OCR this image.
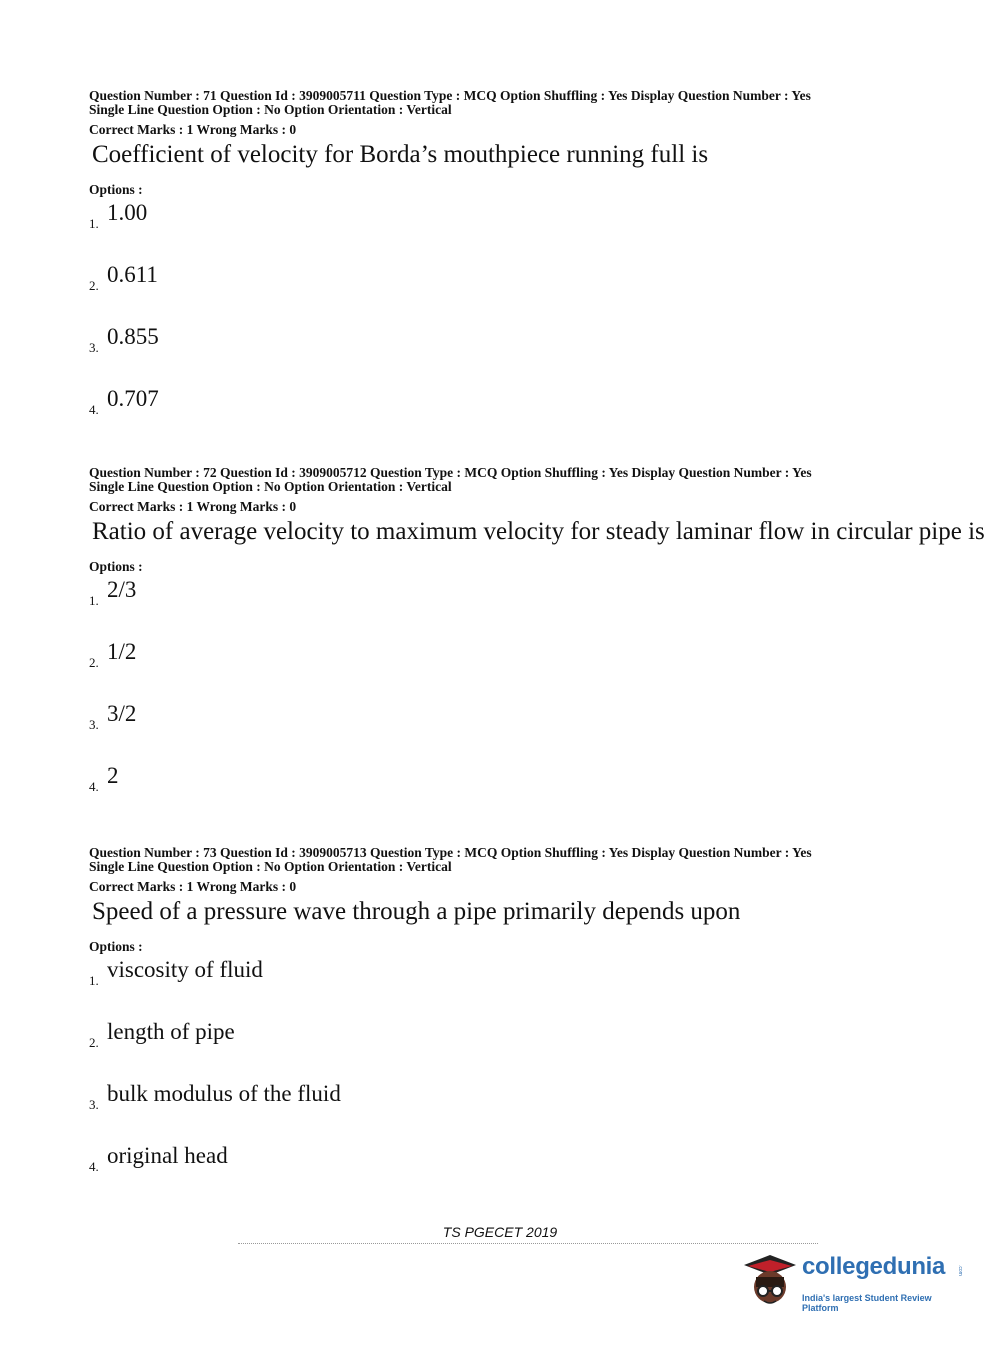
Question Number : 71 Question Id : 3909005711 Question Type : MCQ Option Shuffling : Yes Display Question Number : Yes
Single Line Question Option : No Option Orientation : Vertical
Correct Marks : 1 Wrong Marks : 0
Coefficient of velocity for Borda’s mouthpiece running full is
Options :
1. 1.00
2. 0.611
3. 0.855
4. 0.707
Question Number : 72 Question Id : 3909005712 Question Type : MCQ Option Shuffling : Yes Display Question Number : Yes
Single Line Question Option : No Option Orientation : Vertical
Correct Marks : 1 Wrong Marks : 0
Ratio of average velocity to maximum velocity for steady laminar flow in circular pipe is
Options :
1. 2/3
2. 1/2
3. 3/2
4. 2
Question Number : 73 Question Id : 3909005713 Question Type : MCQ Option Shuffling : Yes Display Question Number : Yes
Single Line Question Option : No Option Orientation : Vertical
Correct Marks : 1 Wrong Marks : 0
Speed of a pressure wave through a pipe primarily depends upon
Options :
1. viscosity of fluid
2. length of pipe
3. bulk modulus of the fluid
4. original head
TS PGECET 2019
collegedunia .com
India's largest Student Review Platform
